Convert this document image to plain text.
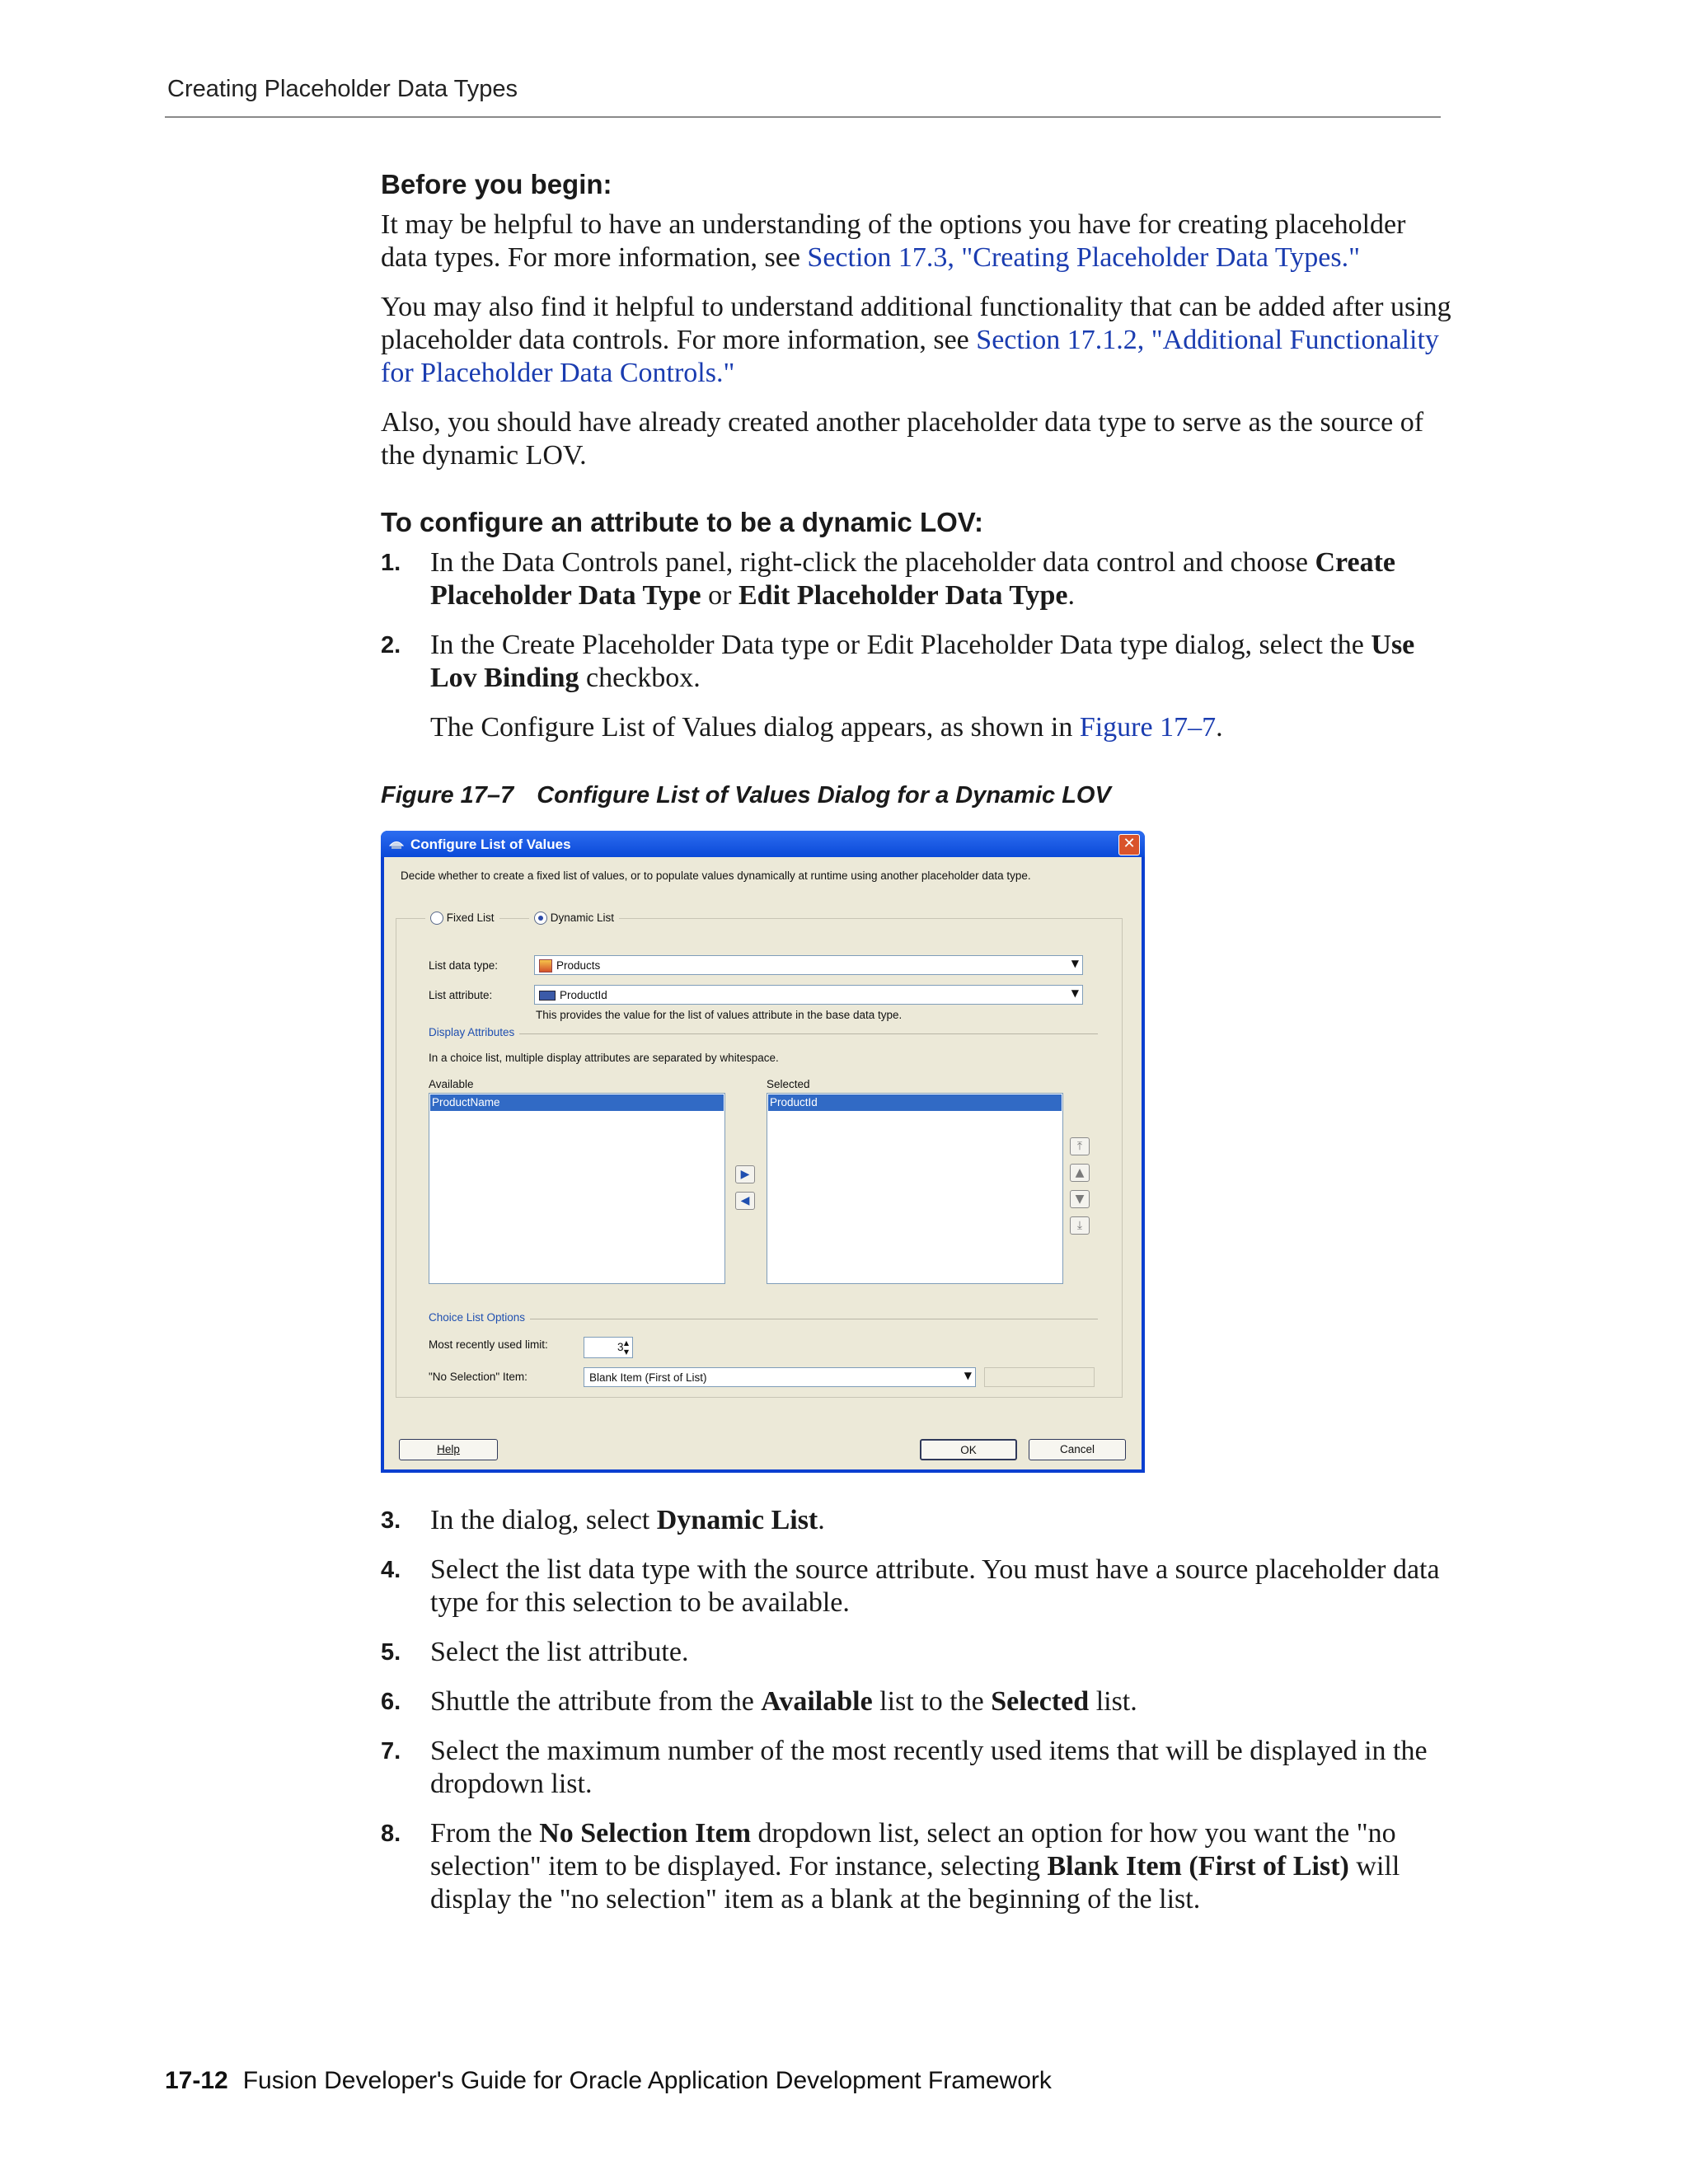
Creating Placeholder Data Types
Before you begin:

It may be helpful to have an understanding of the options you have for creating placeholder data types. For more information, see Section 17.3, "Creating Placeholder Data Types."

You may also find it helpful to understand additional functionality that can be added after using placeholder data controls. For more information, see Section 17.1.2, "Additional Functionality for Placeholder Data Controls."

Also, you should have already created another placeholder data type to serve as the source of the dynamic LOV.

To configure an attribute to be a dynamic LOV:
1. In the Data Controls panel, right-click the placeholder data control and choose Create Placeholder Data Type or Edit Placeholder Data Type.
2. In the Create Placeholder Data type or Edit Placeholder Data type dialog, select the Use Lov Binding checkbox.

The Configure List of Values dialog appears, as shown in Figure 17–7.

Figure 17–7 Configure List of Values Dialog for a Dynamic LOV
Configure List of Values	✕
Decide whether to create a fixed list of values, or to populate values dynamically at runtime using another placeholder data type.
Fixed List	Dynamic List
List data type:	Products	▼
List attribute:	ProductId	▼
This provides the value for the list of values attribute in the base data type.
Display Attributes
In a choice list, multiple display attributes are separated by whitespace.
Available
ProductName
▶
◀
Selected
ProductId
⤒
▲
▼
⤓
Choice List Options
Most recently used limit:	3 ▲
▼
"No Selection" Item:	Blank Item (First of List)	▼
Help	OK	Cancel
3. In the dialog, select Dynamic List.
4. Select the list data type with the source attribute. You must have a source placeholder data type for this selection to be available.
5. Select the list attribute.
6. Shuttle the attribute from the Available list to the Selected list.
7. Select the maximum number of the most recently used items that will be displayed in the dropdown list.
8. From the No Selection Item dropdown list, select an option for how you want the "no selection" item to be displayed. For instance, selecting Blank Item (First of List) will display the "no selection" item as a blank at the beginning of the list.
17-12 Fusion Developer's Guide for Oracle Application Development Framework
